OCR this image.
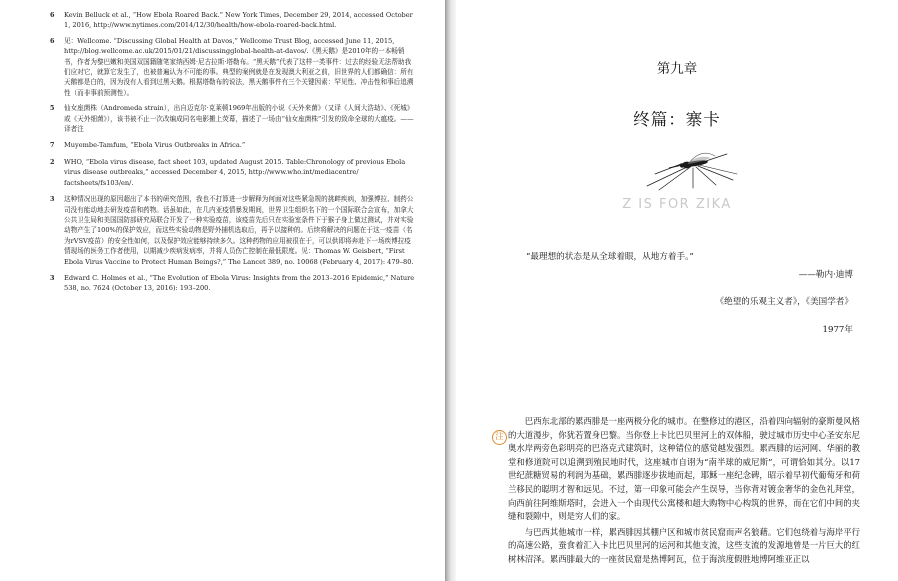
6 Kevin Belluck et al., “How Ebola Roared Back.” New York Times, December 29, 2014, accessed October 1, 2016, http://www.nytimes.com/2014/12/30/health/how-ebola-roared-back.html.
6 见：Wellcome. “Discussing Global Health at Davos,” Wellcome Trust Blog, accessed June 11, 2015, http://blog.wellcome.ac.uk/2015/01/21/discussingglobal-health-at-davos/.《黑天鹅》是2010年的一本畅销书，作者为黎巴嫩和美国双国籍随笔家纳西姆·尼古拉斯·塔勒布。“黑天鹅”代表了这样一类事件：过去的经验无法帮助我们应对它，就算它发生了，也被普遍认为不可能的事。典型的案例就是在发现澳大利亚之前，旧世界的人们都确信：所有天鹅都是白的，因为没有人看到过黑天鹅。根据塔勒布的说法，黑天鹅事件有三个关键因素：罕见性、冲击性和事后追溯性（而非事前预测性）。
5 仙女座菌株（Andromeda strain），出自迈克尔·克莱顿1969年出版的小说《天外来菌》（又译《人间大浩劫》、《死城》或《天外细菌》），该书被不止一次改编成同名电影搬上荧幕，描述了一场由“仙女座菌株”引发的致命全球的大瘟疫。——译者注
7 Muyembe-Tamfum, “Ebola Virus Outbreaks in Africa.”
2 WHO, “Ebola virus disease, fact sheet 103, updated August 2015. Table:Chronology of previous Ebola virus disease outbreaks,” accessed December 4, 2015, http://www.who.int/mediacentre/ factsheets/fs103/en/.
3 这种情况出现的原因超出了本书的研究范围，我也不打算进一步解释为何面对这些紧急规的挑衅疾病，加强博拉、制药公司没有能动地去研发疫苗和药物。话虽如此，在几内亚疫情暴发期间，世界卫生组织名下的一个国际联合会宣布，加拿大公共卫生局和美国国防部研究局联合开发了一种实验疫苗，该疫苗先后只在实验室条件下于猴子身上做过测试，并对实验动物产生了100%的保护效应，而这些实验动物是野外捕机选取后，再予以接种的。后续将解决的问题在于这一疫苗（名为rVSV疫苗）的安全性如何，以及保护效应能够持续多久。这种药物的应用被很在于，可以供即将奔赴下一场疾博拉疫情现场的医务工作者使用，以期减少疾病发病率，并将人员伤亡控制在最低限度。见：Thomas W. Geisbert, “First Ebola Virus Vaccine to Protect Human Beings?,” The Lancet 389, no. 10068 (February 4, 2017): 479–80.
3 Edward C. Holmes et al., “The Evolution of Ebola Virus: Insights from the 2013–2016 Epidemic,” Nature 538, no. 7624 (October 13, 2016): 193–200.
第九章
终篇：寨卡
Z IS FOR ZIKA
“最理想的状态是从全球着眼，从地方着手。”
——勒内·迪博
《绝望的乐观主义者》，《美国学者》
1977年
注

巴西东北部的累西腓是一座两极分化的城市。在整修过的港区，沿着四向辐射的豪斯曼风格的大道漫步，你犹若置身巴黎。当你登上卡比巴贝里河上的双体船，驶过城市历史中心圣安东尼奥水岸两旁色彩明亮的巴洛克式建筑时，这种错位的感觉越发强烈。累西腓的运河网、华丽的教堂和修道院可以追溯到殖民地时代，这座城市自诩为“南半球的威尼斯”，可谓恰如其分。以17世纪蔗糖贸易的利润为基础，累西腓逐步拔地而起，耶稣一座纪念碑，昭示着早初代葡萄牙和荷兰移民的聪明才智和远见。不过，第一印象可能会产生误导，当你背对镀金奢华的金色礼拜堂，向西前往阿维斯塔时，会进入一个由现代公寓楼和超大购物中心构筑的世界，而在它们中间的夹缝和裂隙中，则是穷人们的家。

与巴西其他城市一样，累西腓因其棚户区和城市贫民窟而声名狼藉。它们包绕着与海岸平行的高速公路，蚕食着汇入卡比巴贝里河的运河和其他支流，这些支流的发源地曾是一片巨大的红树林沼泽。累西腓最大的一座贫民窟是热博阿瓦，位于海滨度假胜地博阿维亚正以
